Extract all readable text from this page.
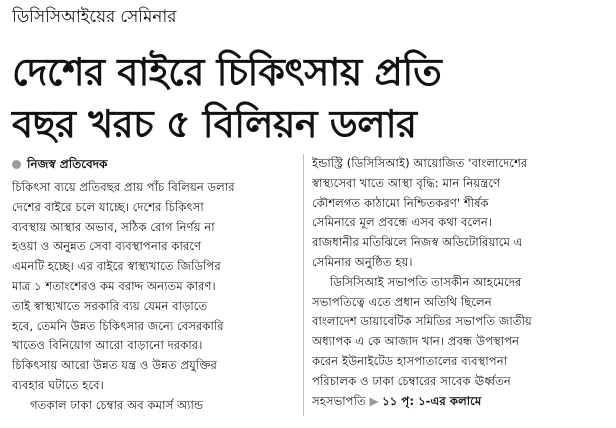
ডিসিসিআইয়ের সেমিনার
দেশের বাইরে চিকিৎসায় প্রতি
বছর খরচ ৫ বিলিয়ন ডলার
নিজস্ব প্রতিবেদক
চিকিৎসা ব্যয়ে প্রতিবছর প্রায় পাঁচ বিলিয়ন ডলার
দেশের বাইরে চলে যাচ্ছে। দেশের চিকিৎসা
ব্যবস্থায় আস্থার অভাব, সঠিক রোগ নির্ণয় না
হওয়া ও অনুন্নত সেবা ব্যবস্থাপনার কারণে
এমনটি হচ্ছে। এর বাইরে স্বাস্থ্যখাতে জিডিপির
মাত্র ১ শতাংশেরও কম বরাদ্দ অন্যতম কারণ।
তাই স্বাস্থ্যখাতে সরকারি ব্যয় যেমন বাড়াতে
হবে, তেমনি উন্নত চিকিৎসার জন্যে বেসরকারি
খাতেও বিনিয়োগ আরো বাড়ানো দরকার।
চিকিৎসায় আরো উন্নত যন্ত্র ও উন্নত প্রযুক্তির
ব্যবহার ঘটাতে হবে।
গতকাল ঢাকা চেম্বার অব কমার্স অ্যান্ড
ইন্ডাস্ট্রি (ডিসিসিআই) আয়োজিত 'বাংলাদেশের
স্বাস্থ্যসেবা খাতে আস্থা বৃদ্ধি: মান নিয়ন্ত্রণে
কৌশলগত কাঠামো নিশ্চিতকরণ' শীর্ষক
সেমিনারে মূল প্রবন্ধে এসব কথা বলেন।
রাজধানীর মতিঝিলে নিজস্ব অডিটোরিয়ামে এ
সেমিনার অনুষ্ঠিত হয়।
ডিসিসিআই সভাপতি তাসকীন আহমেদের
সভাপতিত্বে এতে প্রধান অতিথি ছিলেন
বাংলাদেশ ডায়াবেটিক সমিতির সভাপতি জাতীয়
অধ্যাপক এ কে আজাদ খান। প্রবন্ধ উপস্থাপন
করেন ইউনাইটেড হাসপাতালের ব্যবস্থাপনা
পরিচালক ও ঢাকা চেম্বারের সাবেক ঊর্ধ্বতন
সহসভাপতি ▶ ১১ পৃ: ১-এর কলামে
